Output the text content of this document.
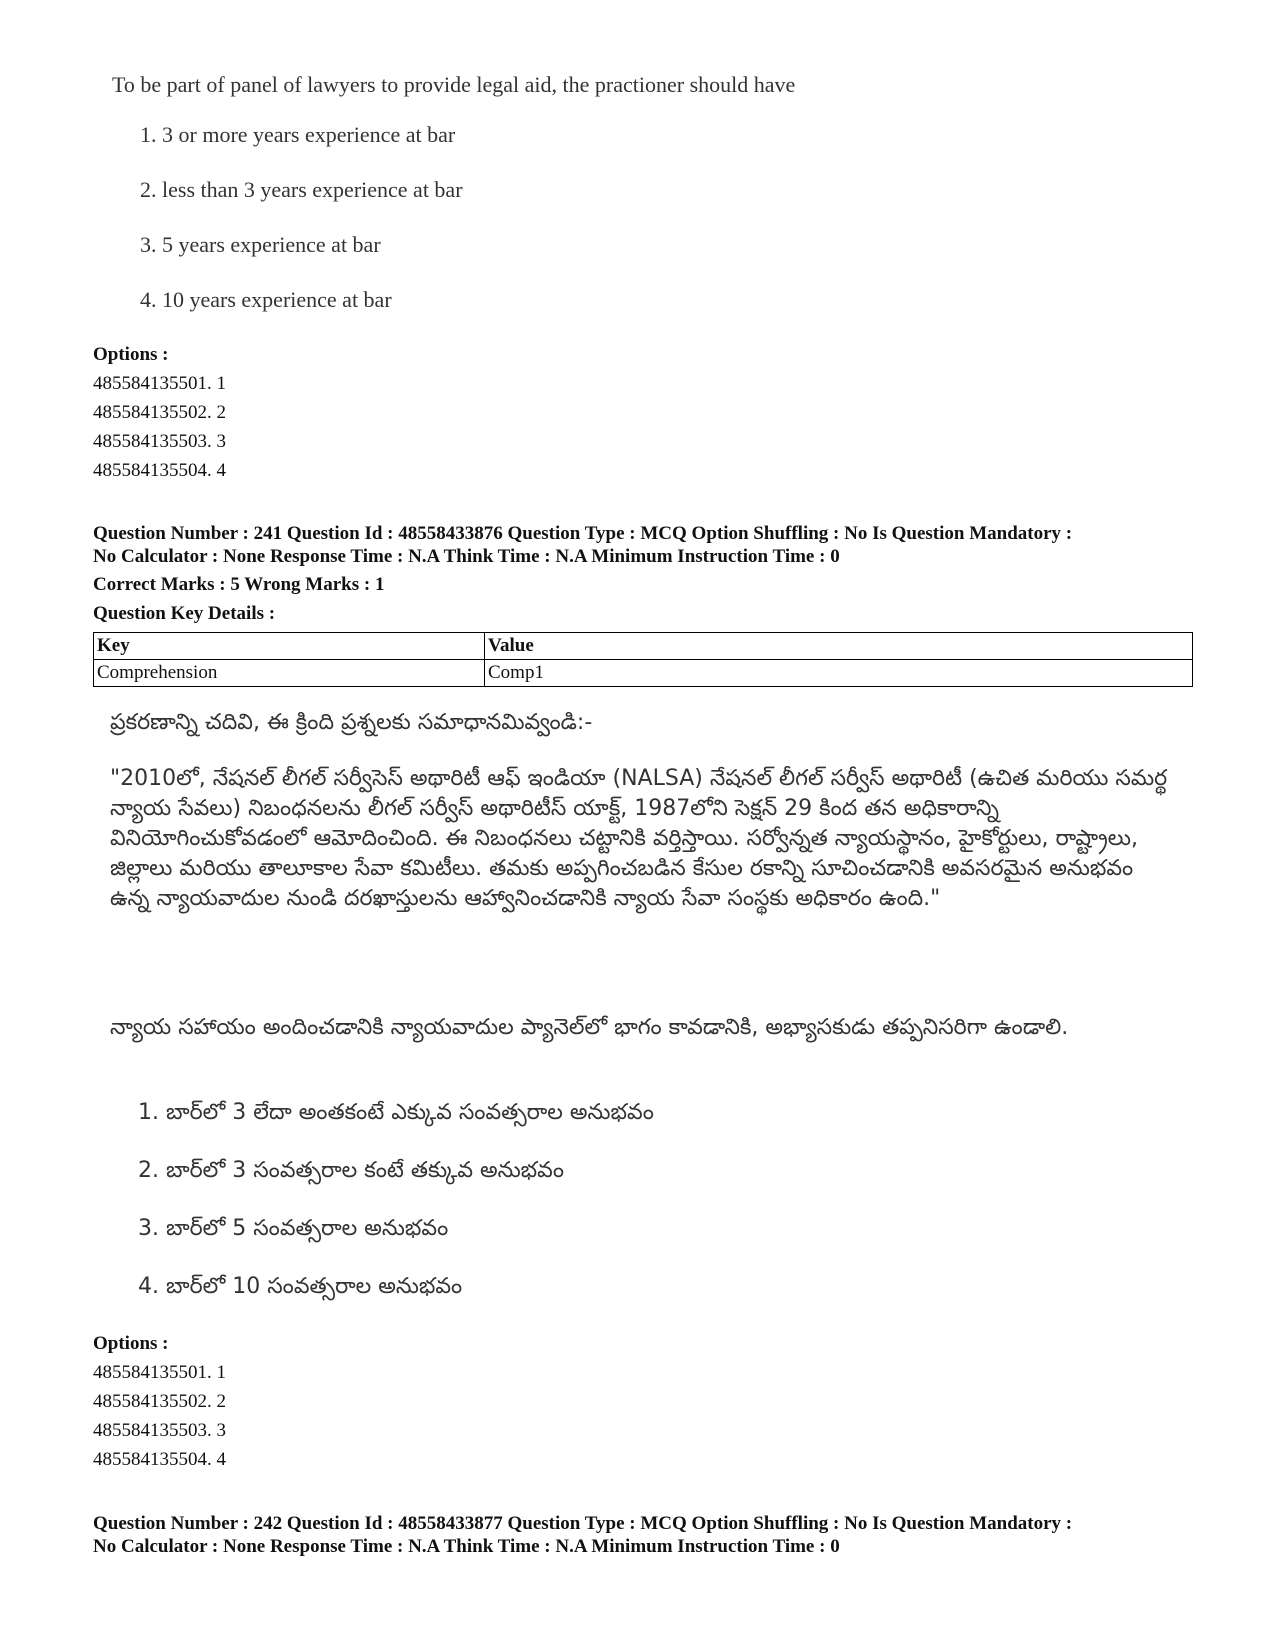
To be part of panel of lawyers to provide legal aid, the practioner should have

1. 3 or more years experience at bar
2. less than 3 years experience at bar
3. 5 years experience at bar
4. 10 years experience at bar
Options :
485584135501. 1
485584135502. 2
485584135503. 3
485584135504. 4
Question Number : 241 Question Id : 48558433876 Question Type : MCQ Option Shuffling : No Is Question Mandatory :
No Calculator : None Response Time : N.A Think Time : N.A Minimum Instruction Time : 0
Correct Marks : 5 Wrong Marks : 1
Question Key Details :
Key	Value
Comprehension	Comp1
ప్రకరణాన్ని చదివి, ఈ క్రింది ప్రశ్నలకు సమాధానమివ్వండి:-
"2010లో, నేషనల్ లీగల్ సర్వీసెస్ అథారిటీ ఆఫ్ ఇండియా (NALSA) నేషనల్ లీగల్ సర్వీస్ అథారిటీ (ఉచిత మరియు సమర్థ న్యాయ సేవలు) నిబంధనలను లీగల్ సర్వీస్ అథారిటీస్ యాక్ట్, 1987లోని సెక్షన్ 29 కింద తన అధికారాన్ని వినియోగించుకోవడంలో ఆమోదించింది. ఈ నిబంధనలు చట్టానికి వర్తిస్తాయి. సర్వోన్నత న్యాయస్థానం, హైకోర్టులు, రాష్ట్రాలు, జిల్లాలు మరియు తాలూకాల సేవా కమిటీలు. తమకు అప్పగించబడిన కేసుల రకాన్ని సూచించడానికి అవసరమైన అనుభవం ఉన్న న్యాయవాదుల నుండి దరఖాస్తులను ఆహ్వానించడానికి న్యాయ సేవా సంస్థకు అధికారం ఉంది."
న్యాయ సహాయం అందించడానికి న్యాయవాదుల ప్యానెల్‌లో భాగం కావడానికి, అభ్యాసకుడు తప్పనిసరిగా ఉండాలి.
1. బార్‌లో 3 లేదా అంతకంటే ఎక్కువ సంవత్సరాల అనుభవం
2. బార్‌లో 3 సంవత్సరాల కంటే తక్కువ అనుభవం
3. బార్‌లో 5 సంవత్సరాల అనుభవం
4. బార్‌లో 10 సంవత్సరాల అనుభవం
Options :
485584135501. 1
485584135502. 2
485584135503. 3
485584135504. 4
Question Number : 242 Question Id : 48558433877 Question Type : MCQ Option Shuffling : No Is Question Mandatory :
No Calculator : None Response Time : N.A Think Time : N.A Minimum Instruction Time : 0
